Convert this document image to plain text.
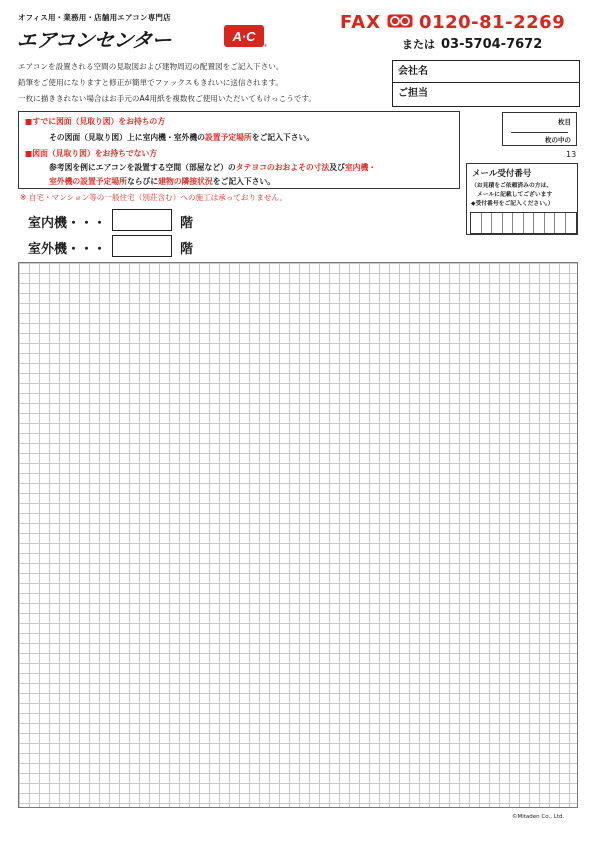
オフィス用・業務用・店舗用エアコン専門店
エアコンセンター	A·C
®
FAX 0120-81-2269
または 03-5704-7672
エアコンを設置される空間の見取図および建物周辺の配置図をご記入下さい。
鉛筆をご使用になりますと修正が簡単でファックスもきれいに送信されます。
一枚に描ききれない場合はお手元のA4用紙を複数枚ご使用いただいてもけっこうです。
会社名
ご担当
■すでに図面（見取り図）をお持ちの方
その図面（見取り図）上に室内機・室外機の設置予定場所をご記入下さい。
■図面（見取り図）をお持ちでない方
参考図を例にエアコンを設置する空間（部屋など）のタテヨコのおおよその寸法及び室内機・
室外機の設置予定場所ならびに建物の隣接状況をご記入下さい。
※ 自宅・マンション等の一般住宅（別荘含む）への施工は承っておりません。
室内機・・・	階
室外機・・・	階
枚目
枚の中の
13
メール受付番号
（お見積をご依頼済みの方は、
メールに記載してございます
◆受付番号をご記入ください。）
©Mitaden Co., Ltd.
